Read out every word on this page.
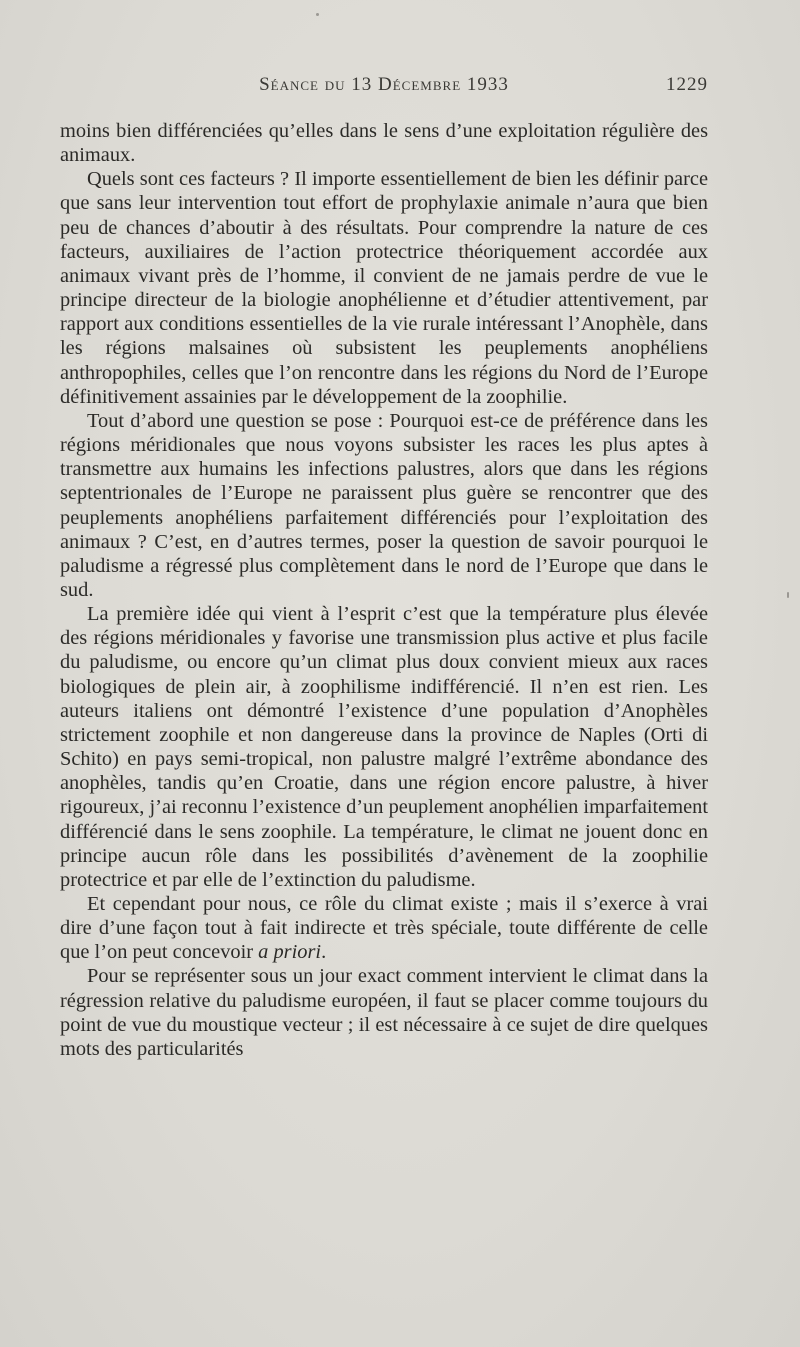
Séance du 13 Décembre 1933	1229

moins bien différenciées qu’elles dans le sens d’une exploitation régulière des animaux.

Quels sont ces facteurs ? Il importe essentiellement de bien les définir parce que sans leur intervention tout effort de prophylaxie animale n’aura que bien peu de chances d’aboutir à des résultats. Pour comprendre la nature de ces facteurs, auxiliaires de l’action protectrice théoriquement accordée aux animaux vivant près de l’homme, il convient de ne jamais perdre de vue le principe directeur de la biologie anophélienne et d’étudier attentivement, par rapport aux conditions essentielles de la vie rurale intéressant l’Anophèle, dans les régions malsaines où subsistent les peuplements anophéliens anthropophiles, celles que l’on rencontre dans les régions du Nord de l’Europe définitivement assainies par le développement de la zoophilie.

Tout d’abord une question se pose : Pourquoi est-ce de préférence dans les régions méridionales que nous voyons subsister les races les plus aptes à transmettre aux humains les infections palustres, alors que dans les régions septentrionales de l’Europe ne paraissent plus guère se rencontrer que des peuplements anophéliens parfaitement différenciés pour l’exploitation des animaux ? C’est, en d’autres termes, poser la question de savoir pourquoi le paludisme a régressé plus complètement dans le nord de l’Europe que dans le sud.

La première idée qui vient à l’esprit c’est que la température plus élevée des régions méridionales y favorise une transmission plus active et plus facile du paludisme, ou encore qu’un climat plus doux convient mieux aux races biologiques de plein air, à zoophilisme indifférencié. Il n’en est rien. Les auteurs italiens ont démontré l’existence d’une population d’Anophèles strictement zoophile et non dangereuse dans la province de Naples (Orti di Schito) en pays semi-tropical, non palustre malgré l’extrême abondance des anophèles, tandis qu’en Croatie, dans une région encore palustre, à hiver rigoureux, j’ai reconnu l’existence d’un peuplement anophélien imparfaitement différencié dans le sens zoophile. La température, le climat ne jouent donc en principe aucun rôle dans les possibilités d’avènement de la zoophilie protectrice et par elle de l’extinction du paludisme.

Et cependant pour nous, ce rôle du climat existe ; mais il s’exerce à vrai dire d’une façon tout à fait indirecte et très spéciale, toute différente de celle que l’on peut concevoir a priori.

Pour se représenter sous un jour exact comment intervient le climat dans la régression relative du paludisme européen, il faut se placer comme toujours du point de vue du moustique vecteur ; il est nécessaire à ce sujet de dire quelques mots des particularités
